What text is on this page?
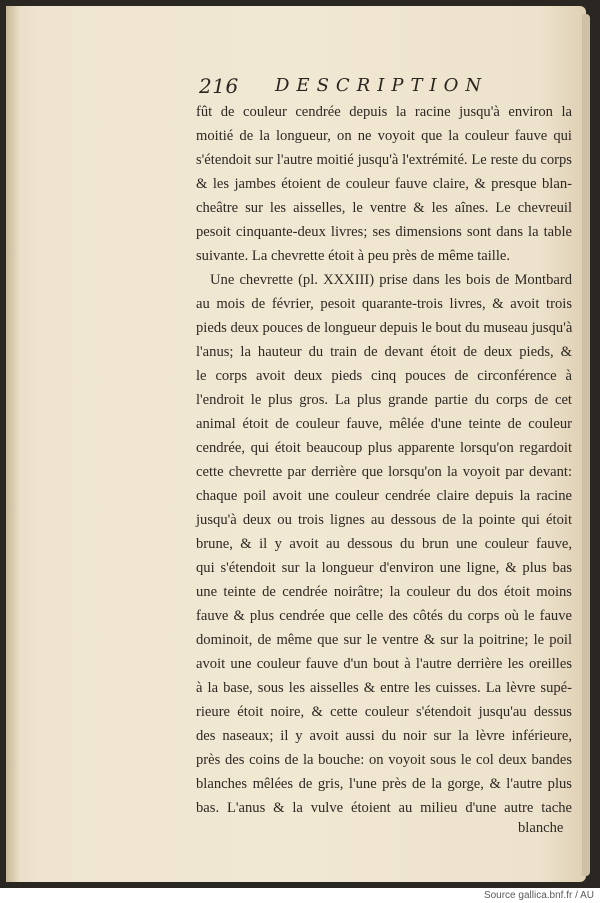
216 DESCRIPTION
fût de couleur cendrée depuis la racine jusqu'à environ la
moitié de la longueur, on ne voyoit que la couleur fauve qui
s'étendoit sur l'autre moitié jusqu'à l'extrémité. Le reste du corps
& les jambes étoient de couleur fauve claire, & presque blan-
cheâtre sur les aisselles, le ventre & les aînes. Le chevreuil
pesoit cinquante-deux livres; ses dimensions sont dans la table
suivante. La chevrette étoit à peu près de même taille.
Une chevrette (pl. XXXIII) prise dans les bois de Montbard
au mois de février, pesoit quarante-trois livres, & avoit trois
pieds deux pouces de longueur depuis le bout du museau jusqu'à
l'anus; la hauteur du train de devant étoit de deux pieds, &
le corps avoit deux pieds cinq pouces de circonférence à
l'endroit le plus gros. La plus grande partie du corps de cet
animal étoit de couleur fauve, mêlée d'une teinte de couleur
cendrée, qui étoit beaucoup plus apparente lorsqu'on regardoit
cette chevrette par derrière que lorsqu'on la voyoit par devant:
chaque poil avoit une couleur cendrée claire depuis la racine
jusqu'à deux ou trois lignes au dessous de la pointe qui étoit
brune, & il y avoit au dessous du brun une couleur fauve,
qui s'étendoit sur la longueur d'environ une ligne, & plus bas
une teinte de cendrée noirâtre; la couleur du dos étoit moins
fauve & plus cendrée que celle des côtés du corps où le fauve
dominoit, de même que sur le ventre & sur la poitrine; le poil
avoit une couleur fauve d'un bout à l'autre derrière les oreilles
à la base, sous les aisselles & entre les cuisses. La lèvre supé-
rieure étoit noire, & cette couleur s'étendoit jusqu'au dessus
des naseaux; il y avoit aussi du noir sur la lèvre inférieure,
près des coins de la bouche: on voyoit sous le col deux bandes
blanches mêlées de gris, l'une près de la gorge, & l'autre plus
bas. L'anus & la vulve étoient au milieu d'une autre tache
blanche
Source gallica.bnf.fr / AU
